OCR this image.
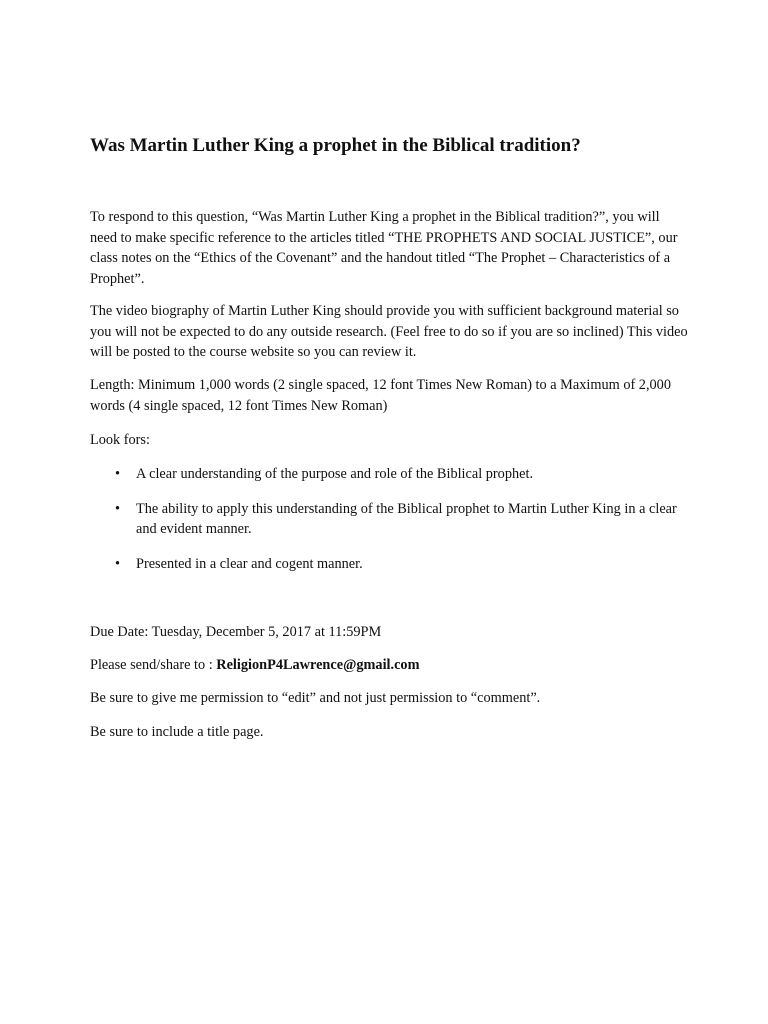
Was Martin Luther King a prophet in the Biblical tradition?

To respond to this question, “Was Martin Luther King a prophet in the Biblical tradition?”, you will need to make specific reference to the articles titled “THE PROPHETS AND SOCIAL JUSTICE”, our class notes on the “Ethics of the Covenant” and the handout titled “The Prophet – Characteristics of a Prophet”.

The video biography of Martin Luther King should provide you with sufficient background material so you will not be expected to do any outside research. (Feel free to do so if you are so inclined) This video will be posted to the course website so you can review it.

Length: Minimum 1,000 words (2 single spaced, 12 font Times New Roman) to a Maximum of 2,000 words (4 single spaced, 12 font Times New Roman)

Look fors:

• A clear understanding of the purpose and role of the Biblical prophet.
• The ability to apply this understanding of the Biblical prophet to Martin Luther King in a clear and evident manner.
• Presented in a clear and cogent manner.

Due Date: Tuesday, December 5, 2017 at 11:59PM

Please send/share to : ReligionP4Lawrence@gmail.com

Be sure to give me permission to “edit” and not just permission to “comment”.

Be sure to include a title page.
